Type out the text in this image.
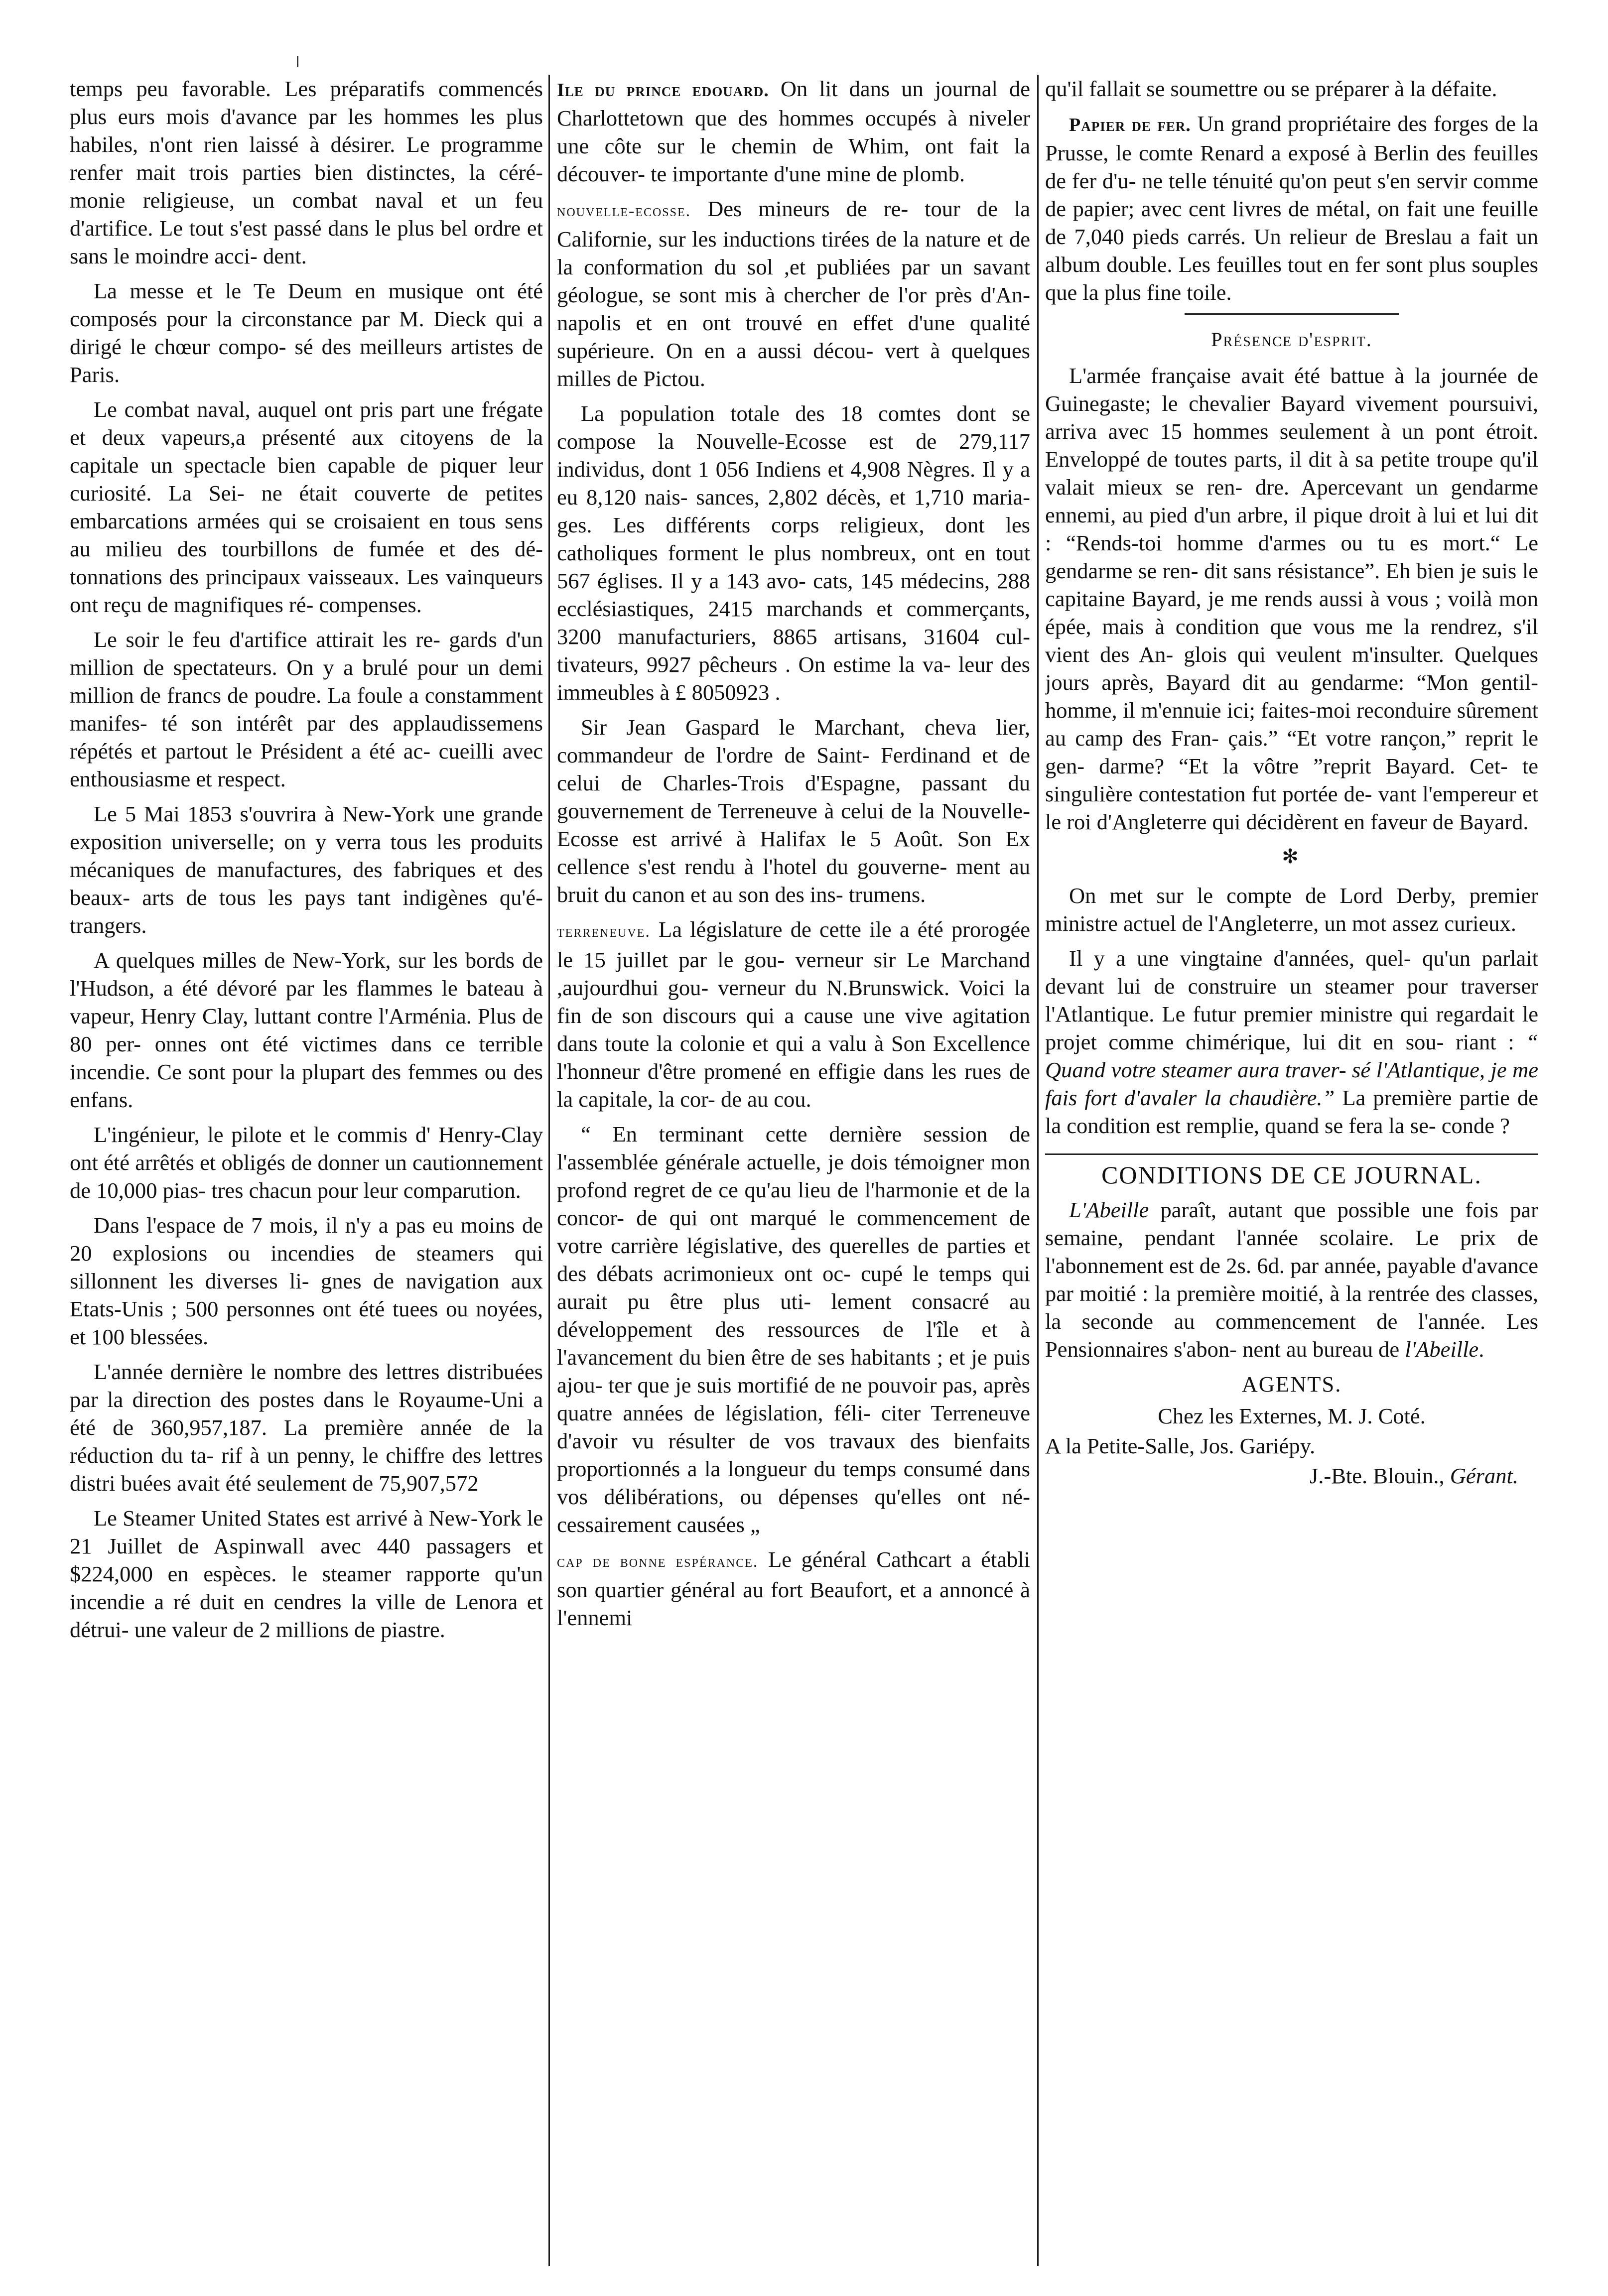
temps peu favorable. Les préparatifs commencés plus eurs mois d'avance par les hommes les plus habiles, n'ont rien laissé à désirer. Le programme renfer mait trois parties bien distinctes, la céré- monie religieuse, un combat naval et un feu d'artifice. Le tout s'est passé dans le plus bel ordre et sans le moindre acci- dent.

La messe et le Te Deum en musique ont été composés pour la circonstance par M. Dieck qui a dirigé le chœur compo- sé des meilleurs artistes de Paris.

Le combat naval, auquel ont pris part une frégate et deux vapeurs,a présenté aux citoyens de la capitale un spectacle bien capable de piquer leur curiosité. La Sei- ne était couverte de petites embarcations armées qui se croisaient en tous sens au milieu des tourbillons de fumée et des dé- tonnations des principaux vaisseaux. Les vainqueurs ont reçu de magnifiques ré- compenses.

Le soir le feu d'artifice attirait les re- gards d'un million de spectateurs. On y a brulé pour un demi million de francs de poudre. La foule a constamment manifes- té son intérêt par des applaudissemens répétés et partout le Président a été ac- cueilli avec enthousiasme et respect.

Le 5 Mai 1853 s'ouvrira à New-York une grande exposition universelle; on y verra tous les produits mécaniques de manufactures, des fabriques et des beaux- arts de tous les pays tant indigènes qu'é- trangers.

A quelques milles de New-York, sur les bords de l'Hudson, a été dévoré par les flammes le bateau à vapeur, Henry Clay, luttant contre l'Arménia. Plus de 80 per- onnes ont été victimes dans ce terrible incendie. Ce sont pour la plupart des femmes ou des enfans.

L'ingénieur, le pilote et le commis d' Henry-Clay ont été arrêtés et obligés de donner un cautionnement de 10,000 pias- tres chacun pour leur comparution.

Dans l'espace de 7 mois, il n'y a pas eu moins de 20 explosions ou incendies de steamers qui sillonnent les diverses li- gnes de navigation aux Etats-Unis ; 500 personnes ont été tuees ou noyées, et 100 blessées.

L'année dernière le nombre des lettres distribuées par la direction des postes dans le Royaume-Uni a été de 360,957,187. La première année de la réduction du ta- rif à un penny, le chiffre des lettres distri buées avait été seulement de 75,907,572

Le Steamer United States est arrivé à New-York le 21 Juillet de Aspinwall avec 440 passagers et $224,000 en espèces. le steamer rapporte qu'un incendie a ré duit en cendres la ville de Lenora et détrui- une valeur de 2 millions de piastre.

Ile du prince edouard. On lit dans un journal de Charlottetown que des hommes occupés à niveler une côte sur le chemin de Whim, ont fait la découver- te importante d'une mine de plomb.

nouvelle-ecosse. Des mineurs de re- tour de la Californie, sur les inductions tirées de la nature et de la conformation du sol ,et publiées par un savant géologue, se sont mis à chercher de l'or près d'An- napolis et en ont trouvé en effet d'une qualité supérieure. On en a aussi décou- vert à quelques milles de Pictou.

La population totale des 18 comtes dont se compose la Nouvelle-Ecosse est de 279,117 individus, dont 1 056 Indiens et 4,908 Nègres. Il y a eu 8,120 nais- sances, 2,802 décès, et 1,710 maria- ges. Les différents corps religieux, dont les catholiques forment le plus nombreux, ont en tout 567 églises. Il y a 143 avo- cats, 145 médecins, 288 ecclésiastiques, 2415 marchands et commerçants, 3200 manufacturiers, 8865 artisans, 31604 cul- tivateurs, 9927 pêcheurs . On estime la va- leur des immeubles à £ 8050923 .

Sir Jean Gaspard le Marchant, cheva lier, commandeur de l'ordre de Saint- Ferdinand et de celui de Charles-Trois d'Espagne, passant du gouvernement de Terreneuve à celui de la Nouvelle-Ecosse est arrivé à Halifax le 5 Août. Son Ex cellence s'est rendu à l'hotel du gouverne- ment au bruit du canon et au son des ins- trumens.

terreneuve. La législature de cette ile a été prorogée le 15 juillet par le gou- verneur sir Le Marchand ,aujourdhui gou- verneur du N.Brunswick. Voici la fin de son discours qui a cause une vive agitation dans toute la colonie et qui a valu à Son Excellence l'honneur d'être promené en effigie dans les rues de la capitale, la cor- de au cou.

“ En terminant cette dernière session de l'assemblée générale actuelle, je dois témoigner mon profond regret de ce qu'au lieu de l'harmonie et de la concor- de qui ont marqué le commencement de votre carrière législative, des querelles de parties et des débats acrimonieux ont oc- cupé le temps qui aurait pu être plus uti- lement consacré au développement des ressources de l'île et à l'avancement du bien être de ses habitants ; et je puis ajou- ter que je suis mortifié de ne pouvoir pas, après quatre années de législation, féli- citer Terreneuve d'avoir vu résulter de vos travaux des bienfaits proportionnés a la longueur du temps consumé dans vos délibérations, ou dépenses qu'elles ont né- cessairement causées „

cap de bonne espérance. Le général Cathcart a établi son quartier général au fort Beaufort, et a annoncé à l'ennemi

qu'il fallait se soumettre ou se préparer à la défaite.

Papier de fer. Un grand propriétaire des forges de la Prusse, le comte Renard a exposé à Berlin des feuilles de fer d'u- ne telle ténuité qu'on peut s'en servir comme de papier; avec cent livres de métal, on fait une feuille de 7,040 pieds carrés. Un relieur de Breslau a fait un album double. Les feuilles tout en fer sont plus souples que la plus fine toile.

Présence d'esprit.

L'armée française avait été battue à la journée de Guinegaste; le chevalier Bayard vivement poursuivi, arriva avec 15 hommes seulement à un pont étroit. Enveloppé de toutes parts, il dit à sa petite troupe qu'il valait mieux se ren- dre. Apercevant un gendarme ennemi, au pied d'un arbre, il pique droit à lui et lui dit : “Rends-toi homme d'armes ou tu es mort.“ Le gendarme se ren- dit sans résistance”. Eh bien je suis le capitaine Bayard, je me rends aussi à vous ; voilà mon épée, mais à condition que vous me la rendrez, s'il vient des An- glois qui veulent m'insulter. Quelques jours après, Bayard dit au gendarme: “Mon gentil-homme, il m'ennuie ici; faites-moi reconduire sûrement au camp des Fran- çais.” “Et votre rançon,” reprit le gen- darme? “Et la vôtre ”reprit Bayard. Cet- te singulière contestation fut portée de- vant l'empereur et le roi d'Angleterre qui décidèrent en faveur de Bayard.

✻

On met sur le compte de Lord Derby, premier ministre actuel de l'Angleterre, un mot assez curieux.

Il y a une vingtaine d'années, quel- qu'un parlait devant lui de construire un steamer pour traverser l'Atlantique. Le futur premier ministre qui regardait le projet comme chimérique, lui dit en sou- riant : “ Quand votre steamer aura traver- sé l'Atlantique, je me fais fort d'avaler la chaudière.” La première partie de la condition est remplie, quand se fera la se- conde ?

CONDITIONS DE CE JOURNAL.

L'Abeille paraît, autant que possible une fois par semaine, pendant l'année scolaire. Le prix de l'abonnement est de 2s. 6d. par année, payable d'avance par moitié : la première moitié, à la rentrée des classes, la seconde au commencement de l'année. Les Pensionnaires s'abon- nent au bureau de l'Abeille.

AGENTS.

Chez les Externes, M. J. Coté.

A la Petite-Salle, Jos. Gariépy.

J.-Bte. Blouin., Gérant.
